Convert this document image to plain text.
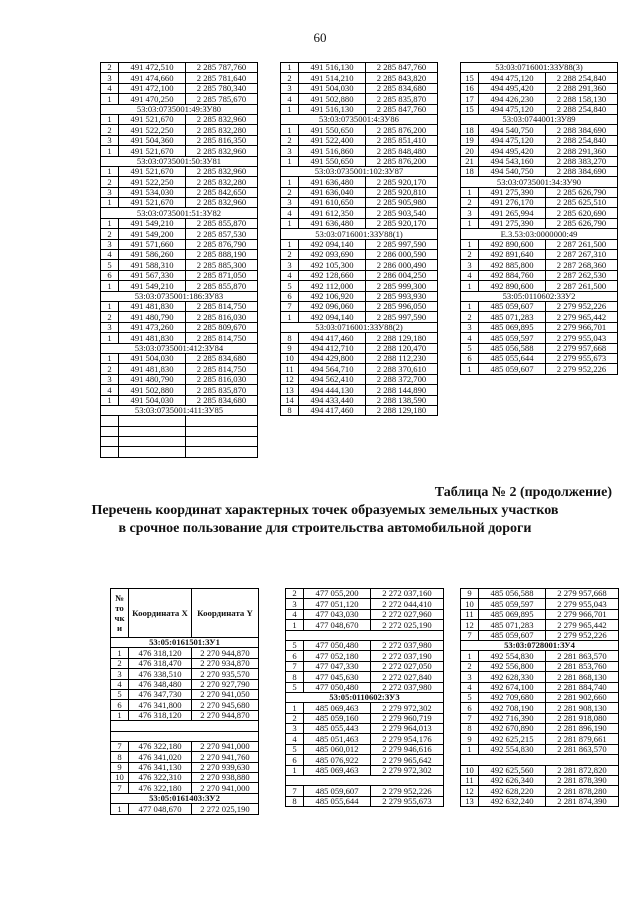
60
2	491 472,510	2 285 787,760
3	491 474,660	2 285 781,640
4	491 472,100	2 285 780,340
1	491 470,250	2 285 785,670
53:03:0735001:49:ЗУ80		
1	491 521,670	2 285 832,960
2	491 522,250	2 285 832,280
3	491 504,360	2 285 816,350
1	491 521,670	2 285 832,960
53:03:0735001:50:ЗУ81		
1	491 521,670	2 285 832,960
2	491 522,250	2 285 832,280
3	491 534,030	2 285 842,650
1	491 521,670	2 285 832,960
53:03:0735001:51:ЗУ82		
1	491 549,210	2 285 855,870
2	491 549,200	2 285 857,530
3	491 571,660	2 285 876,790
4	491 586,260	2 285 888,190
5	491 588,310	2 285 885,300
6	491 567,330	2 285 871,050
1	491 549,210	2 285 855,870
53:03:0735001:186:ЗУ83		
1	491 481,830	2 285 814,750
2	491 480,790	2 285 816,030
3	491 473,260	2 285 809,670
1	491 481,830	2 285 814,750
53:03:0735001:412:ЗУ84		
1	491 504,030	2 285 834,680
2	491 481,830	2 285 814,750
3	491 480,790	2 285 816,030
4	491 502,880	2 285 835,870
1	491 504,030	2 285 834,680
53:03:0735001:411:ЗУ85		

1	491 516,130	2 285 847,760
2	491 514,210	2 285 843,820
3	491 504,030	2 285 834,680
4	491 502,880	2 285 835,870
1	491 516,130	2 285 847,760
53:03:0735001:4:ЗУ86		
1	491 550,650	2 285 876,200
2	491 522,400	2 285 851,410
3	491 516,860	2 285 848,480
1	491 550,650	2 285 876,200
53:03:0735001:102:ЗУ87		
1	491 636,480	2 285 920,170
2	491 636,040	2 285 920,810
3	491 610,650	2 285 905,980
4	491 612,350	2 285 903,540
1	491 636,480	2 285 920,170
53:03:0716001:3ЗУ88(1)		
1	492 094,140	2 285 997,590
2	492 093,690	2 286 000,590
3	492 105,300	2 286 000,490
4	492 128,660	2 286 004,250
5	492 112,000	2 285 999,300
6	492 106,920	2 285 993,930
7	492 096,060	2 285 996,050
1	492 094,140	2 285 997,590
53:03:0716001:3ЗУ88(2)		
8	494 417,460	2 288 129,180
9	494 412,710	2 288 120,470
10	494 429,800	2 288 112,230
11	494 564,710	2 288 370,610
12	494 562,410	2 288 372,700
13	494 444,130	2 288 144,890
14	494 433,440	2 288 138,590
8	494 417,460	2 288 129,180
53:03:0716001:3ЗУ88(3)		
15	494 475,120	2 288 254,840
16	494 495,420	2 288 291,360
17	494 426,230	2 288 158,130
15	494 475,120	2 288 254,840
53:03:0744001:ЗУ89		
18	494 540,750	2 288 384,690
19	494 475,120	2 288 254,840
20	494 495,420	2 288 291,360
21	494 543,160	2 288 383,270
18	494 540,750	2 288 384,690
53:03:0735001:34:ЗУ90		
1	491 275,390	2 285 626,790
2	491 276,170	2 285 625,510
3	491 265,994	2 285 620,690
1	491 275,390	2 285 626,790
Е.3.53:03:0000000:49		
1	492 890,600	2 287 261,500
2	492 891,640	2 287 267,310
3	492 885,800	2 287 268,360
4	492 884,760	2 287 262,530
1	492 890,600	2 287 261,500
53:05:0110602:3ЗУ2		
1	485 059,607	2 279 952,226
2	485 071,283	2 279 965,442
3	485 069,895	2 279 966,701
4	485 059,597	2 279 955,043
5	485 056,588	2 279 957,668
6	485 055,644	2 279 955,673
1	485 059,607	2 279 952,226
Таблица № 2 (продолжение)
Перечень координат характерных точек образуемых земельных участков в срочное пользование для строительства автомобильной дороги
№ то чк и	Координата X	Координата Y
53:05:0161501:ЗУ1		
1	476 318,120	2 270 944,870
2	476 318,470	2 270 934,870
3	476 338,510	2 270 935,570
4	476 348,480	2 270 927,790
5	476 347,730	2 270 941,050
6	476 341,800	2 270 945,680
1	476 318,120	2 270 944,870

7	476 322,180	2 270 941,000
8	476 341,020	2 270 941,760
9	476 341,130	2 270 939,630
10	476 322,310	2 270 938,880
7	476 322,180	2 270 941,000
53:05:0161403:ЗУ2		
1	477 048,670	2 272 025,190
2	477 055,200	2 272 037,160
3	477 051,120	2 272 044,410
4	477 043,030	2 272 027,960
1	477 048,670	2 272 025,190

5	477 050,480	2 272 037,980
6	477 052,180	2 272 037,190
7	477 047,330	2 272 027,050
8	477 045,630	2 272 027,840
5	477 050,480	2 272 037,980
53:05:0110602:ЗУ3		
1	485 069,463	2 279 972,302
2	485 059,160	2 279 960,719
3	485 055,443	2 279 964,013
4	485 051,463	2 279 954,176
5	485 060,012	2 279 946,616
6	485 076,922	2 279 965,642
1	485 069,463	2 279 972,302

7	485 059,607	2 279 952,226
8	485 055,644	2 279 955,673
9	485 056,588	2 279 957,668
10	485 059,597	2 279 955,043
11	485 069,895	2 279 966,701
12	485 071,283	2 279 965,442
7	485 059,607	2 279 952,226
53:03:0728001:ЗУ4		
1	492 554,830	2 281 863,570
2	492 556,800	2 281 853,760
3	492 628,330	2 281 868,130
4	492 674,100	2 281 884,740
5	492 709,680	2 281 902,660
6	492 708,190	2 281 908,130
7	492 716,390	2 281 918,080
8	492 670,890	2 281 896,190
9	492 625,215	2 281 879,661
1	492 554,830	2 281 863,570

10	492 625,560	2 281 872,820
11	492 626,340	2 281 878,390
12	492 628,220	2 281 878,280
13	492 632,240	2 281 874,390
